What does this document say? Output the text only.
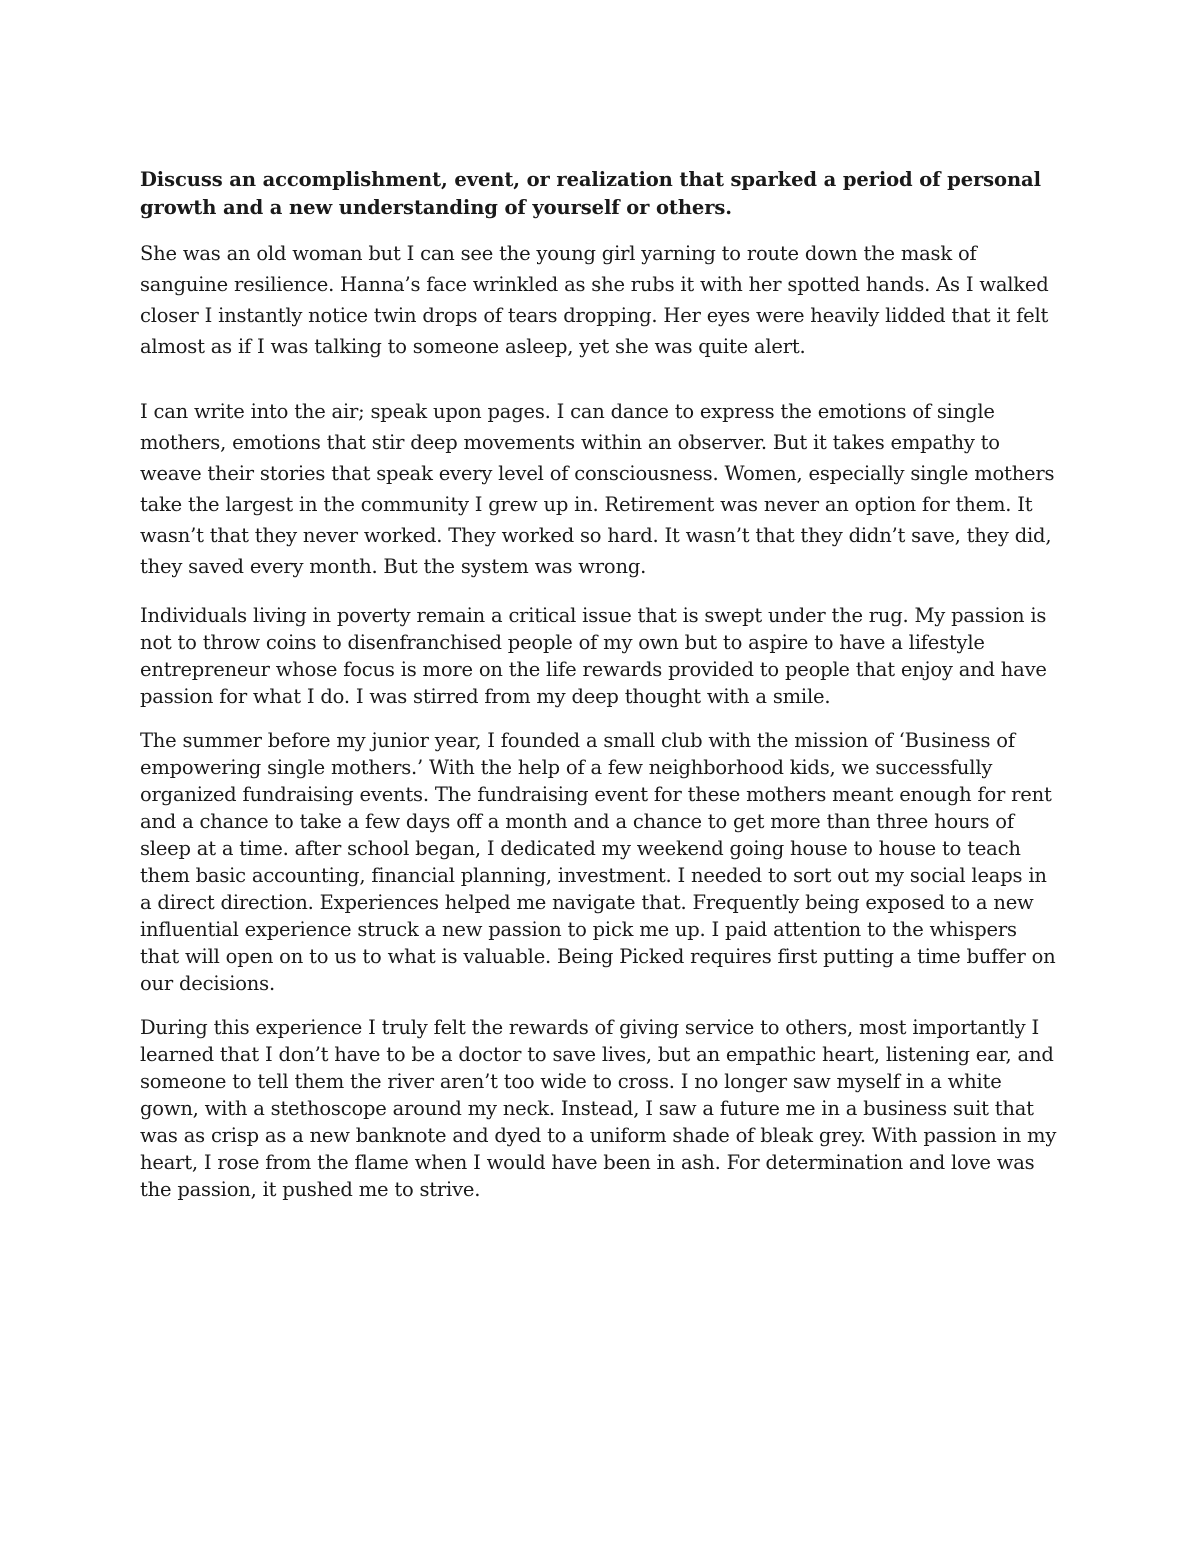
Discuss an accomplishment, event, or realization that sparked a period of personal growth and a new understanding of yourself or others.

She was an old woman but I can see the young girl yarning to route down the mask of sanguine resilience. Hanna’s face wrinkled as she rubs it with her spotted hands. As I walked closer I instantly notice twin drops of tears dropping. Her eyes were heavily lidded that it felt almost as if I was talking to someone asleep, yet she was quite alert.

I can write into the air; speak upon pages. I can dance to express the emotions of single mothers, emotions that stir deep movements within an observer. But it takes empathy to weave their stories that speak every level of consciousness. Women, especially single mothers take the largest in the community I grew up in. Retirement was never an option for them. It wasn’t that they never worked. They worked so hard. It wasn’t that they didn’t save, they did, they saved every month. But the system was wrong.

Individuals living in poverty remain a critical issue that is swept under the rug. My passion is not to throw coins to disenfranchised people of my own but to aspire to have a lifestyle entrepreneur whose focus is more on the life rewards provided to people that enjoy and have passion for what I do. I was stirred from my deep thought with a smile.

The summer before my junior year, I founded a small club with the mission of ‘Business of empowering single mothers.’ With the help of a few neighborhood kids, we successfully organized fundraising events. The fundraising event for these mothers meant enough for rent and a chance to take a few days off a month and a chance to get more than three hours of sleep at a time. after school began, I dedicated my weekend going house to house to teach them basic accounting, financial planning, investment. I needed to sort out my social leaps in a direct direction. Experiences helped me navigate that. Frequently being exposed to a new influential experience struck a new passion to pick me up. I paid attention to the whispers that will open on to us to what is valuable. Being Picked requires first putting a time buffer on our decisions.

During this experience I truly felt the rewards of giving service to others, most importantly I learned that I don’t have to be a doctor to save lives, but an empathic heart, listening ear, and someone to tell them the river aren’t too wide to cross. I no longer saw myself in a white gown, with a stethoscope around my neck. Instead, I saw a future me in a business suit that was as crisp as a new banknote and dyed to a uniform shade of bleak grey. With passion in my heart, I rose from the flame when I would have been in ash. For determination and love was the passion, it pushed me to strive.
